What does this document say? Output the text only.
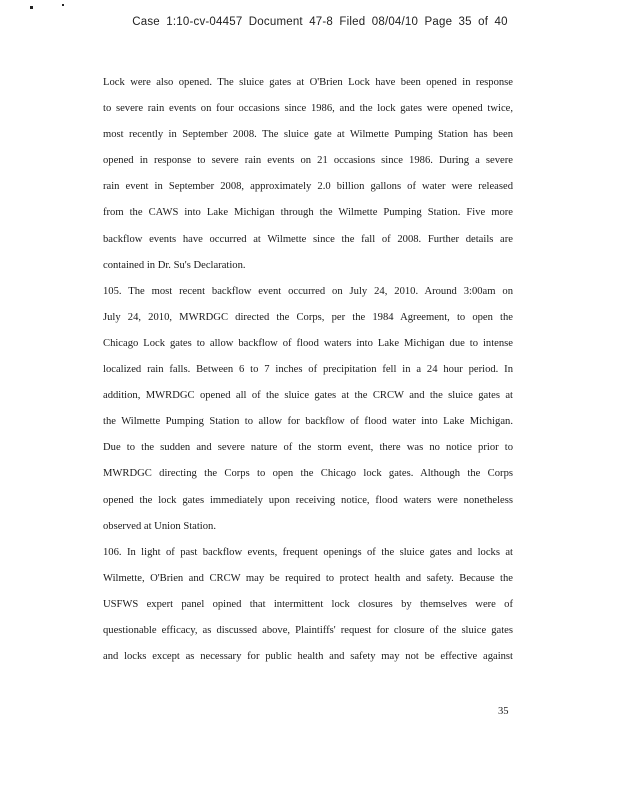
Case 1:10-cv-04457 Document 47-8 Filed 08/04/10 Page 35 of 40
Lock were also opened. The sluice gates at O'Brien Lock have been opened in response
to severe rain events on four occasions since 1986, and the lock gates were opened twice,
most recently in September 2008. The sluice gate at Wilmette Pumping Station has been
opened in response to severe rain events on 21 occasions since 1986. During a severe
rain event in September 2008, approximately 2.0 billion gallons of water were released
from the CAWS into Lake Michigan through the Wilmette Pumping Station. Five more
backflow events have occurred at Wilmette since the fall of 2008. Further details are
contained in Dr. Su's Declaration.
105. The most recent backflow event occurred on July 24, 2010. Around 3:00am on
July 24, 2010, MWRDGC directed the Corps, per the 1984 Agreement, to open the
Chicago Lock gates to allow backflow of flood waters into Lake Michigan due to intense
localized rain falls. Between 6 to 7 inches of precipitation fell in a 24 hour period. In
addition, MWRDGC opened all of the sluice gates at the CRCW and the sluice gates at
the Wilmette Pumping Station to allow for backflow of flood water into Lake Michigan.
Due to the sudden and severe nature of the storm event, there was no notice prior to
MWRDGC directing the Corps to open the Chicago lock gates. Although the Corps
opened the lock gates immediately upon receiving notice, flood waters were nonetheless
observed at Union Station.
106. In light of past backflow events, frequent openings of the sluice gates and locks at
Wilmette, O'Brien and CRCW may be required to protect health and safety. Because the
USFWS expert panel opined that intermittent lock closures by themselves were of
questionable efficacy, as discussed above, Plaintiffs' request for closure of the sluice gates
and locks except as necessary for public health and safety may not be effective against
35
